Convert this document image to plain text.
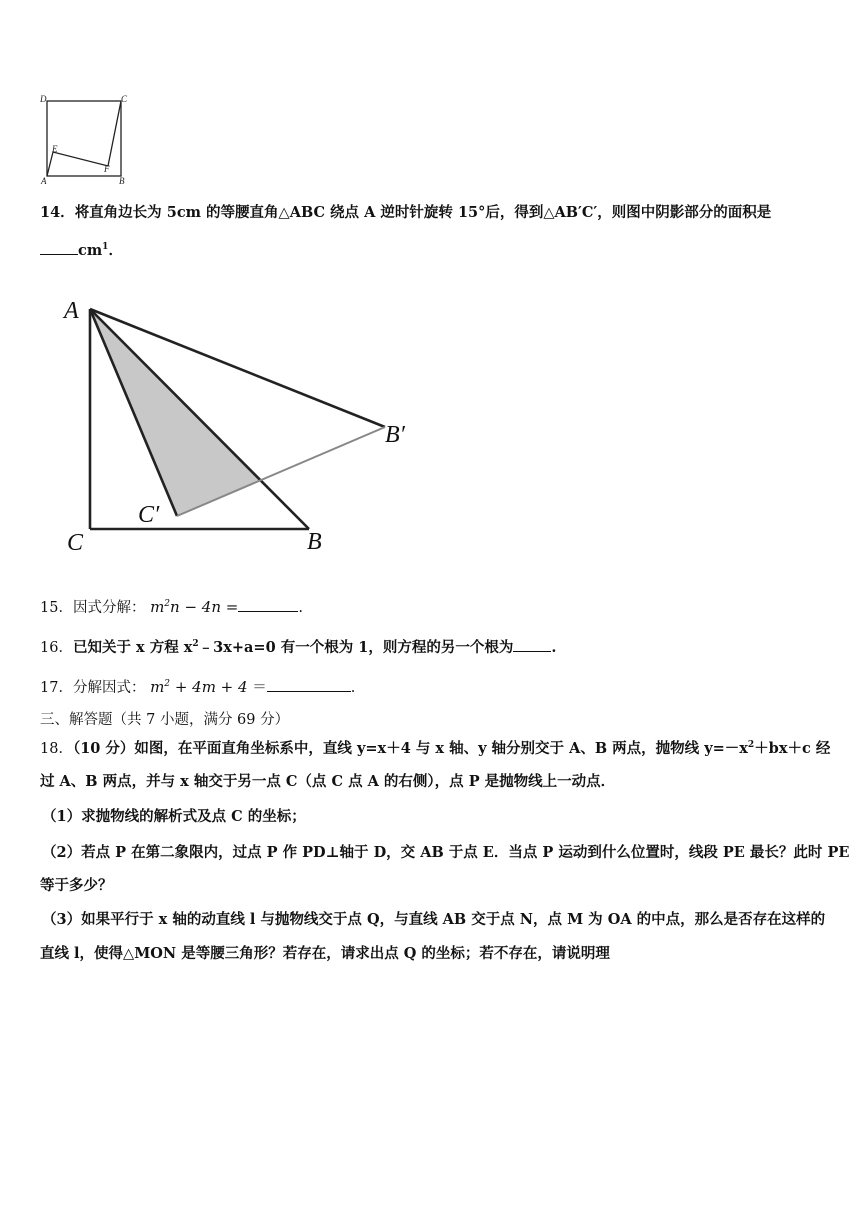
D	C
E
F
A	B
14．将直角边长为 5cm 的等腰直角△ABC 绕点 A 逆时针旋转 15°后，得到△AB′C′，则图中阴影部分的面积是
$cm^1$．
A
B′
C′
C	B
15．因式分解： $m^2n - 4n$ =	.
16．已知关于 x 方程 $x^2﹣3x+a=0$ 有一个根为 1，则方程的另一个根为	.
17．分解因式： $m^2 + 4m + 4$ ＝	.
三、解答题（共 7 小题，满分 69 分）
18．（10 分）如图，在平面直角坐标系中，直线 y=x＋4 与 x 轴、y 轴分别交于 A、B 两点，抛物线 $y=-x^2+bx+c$ 经
过 A、B 两点，并与 x 轴交于另一点 C（点 C 点 A 的右侧），点 P 是抛物线上一动点．
（1）求抛物线的解析式及点 C 的坐标；
（2）若点 P 在第二象限内，过点 P 作 PD⊥轴于 D，交 AB 于点 E．当点 P 运动到什么位置时，线段 PE 最长？此时 PE
等于多少？
（3）如果平行于 x 轴的动直线 l 与抛物线交于点 Q，与直线 AB 交于点 N，点 M 为 OA 的中点，那么是否存在这样的
直线 l，使得△MON 是等腰三角形？若存在，请求出点 Q 的坐标；若不存在，请说明理
